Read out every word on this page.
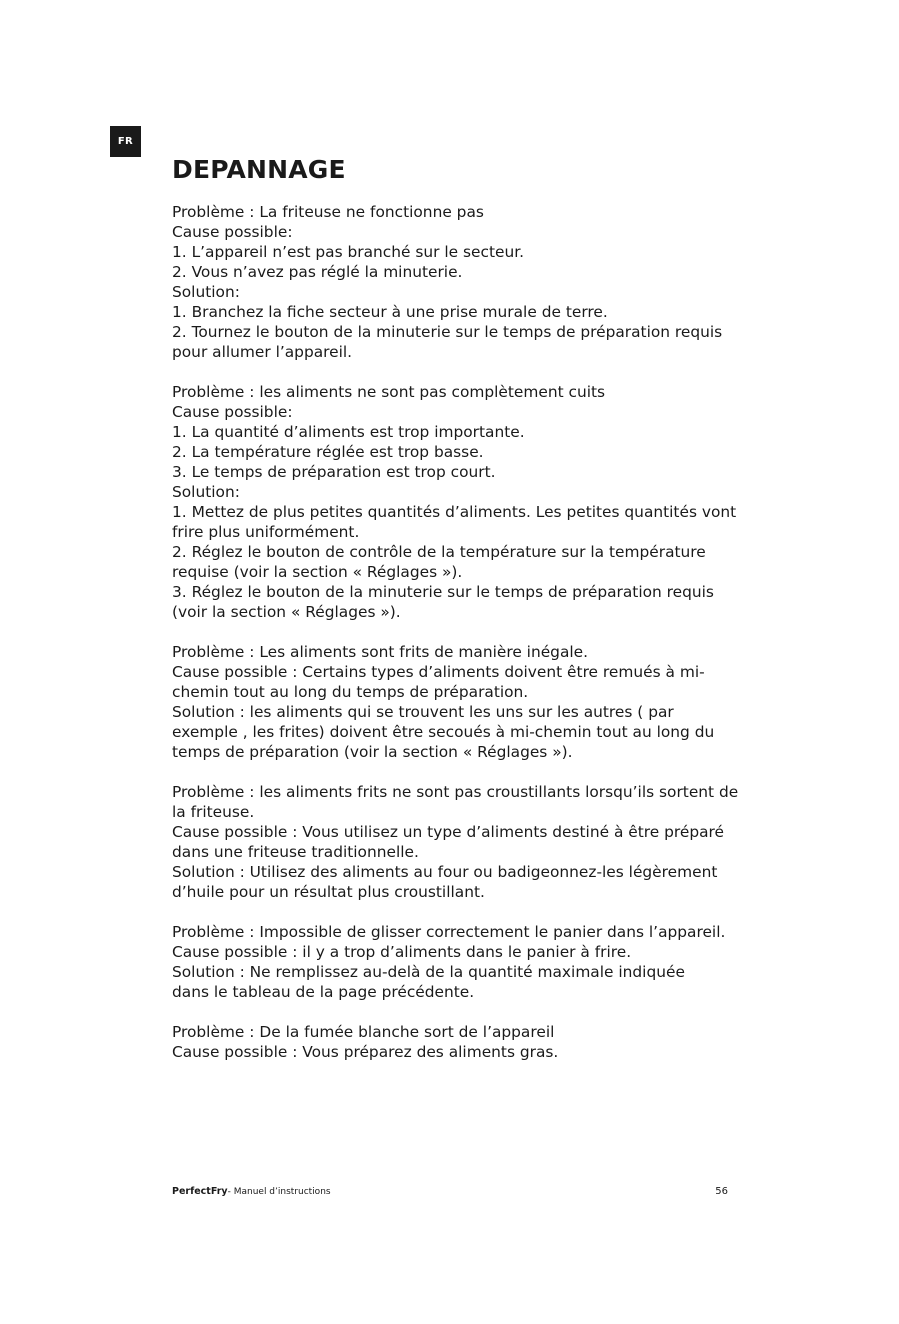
FR
DEPANNAGE
Problème : La friteuse ne fonctionne pas
Cause possible:
1. L’appareil n’est pas branché sur le secteur.
2. Vous n’avez pas réglé la minuterie.
Solution:
1. Branchez la fiche secteur à une prise murale de terre.
2. Tournez le bouton de la minuterie sur le temps de préparation requis
pour allumer l’appareil.
Problème : les aliments ne sont pas complètement cuits
Cause possible:
1. La quantité d’aliments est trop importante.
2. La température réglée est trop basse.
3. Le temps de préparation est trop court.
Solution:
1. Mettez de plus petites quantités d’aliments. Les petites quantités vont
frire plus uniformément.
2. Réglez le bouton de contrôle de la température sur la température
requise (voir la section « Réglages »).
3. Réglez le bouton de la minuterie sur le temps de préparation requis
(voir la section « Réglages »).
Problème : Les aliments sont frits de manière inégale.
Cause possible : Certains types d’aliments doivent être remués à mi-
chemin tout au long du temps de préparation.
Solution : les aliments qui se trouvent les uns sur les autres ( par
exemple , les frites) doivent être secoués à mi-chemin tout au long du
temps de préparation (voir la section « Réglages »).
Problème : les aliments frits ne sont pas croustillants lorsqu’ils sortent de
la friteuse.
Cause possible : Vous utilisez un type d’aliments destiné à être préparé
dans une friteuse traditionnelle.
Solution : Utilisez des aliments au four ou badigeonnez-les légèrement
d’huile pour un résultat plus croustillant.
Problème : Impossible de glisser correctement le panier dans l’appareil.
Cause possible : il y a trop d’aliments dans le panier à frire.
Solution : Ne remplissez au-delà de la quantité maximale indiquée
dans le tableau de la page précédente.
Problème : De la fumée blanche sort de l’appareil
Cause possible : Vous préparez des aliments gras.
PerfectFry- Manuel d’instructions	56
